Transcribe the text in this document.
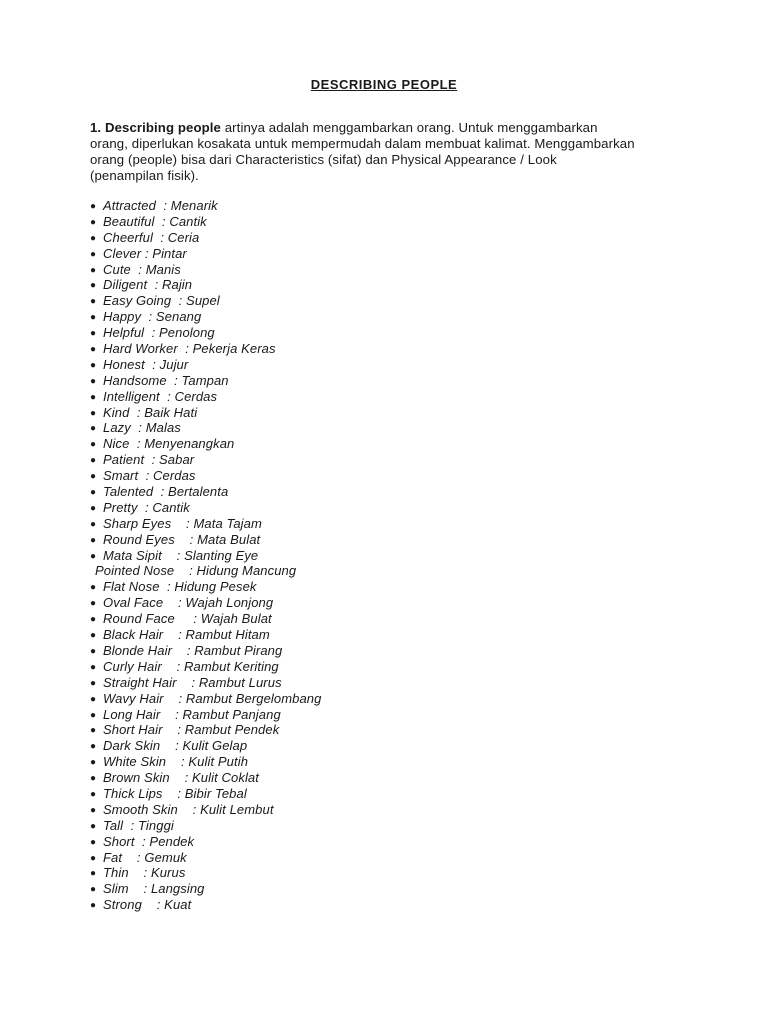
DESCRIBING PEOPLE

1. Describing people artinya adalah menggambarkan orang. Untuk menggambarkan
orang, diperlukan kosakata untuk mempermudah dalam membuat kalimat. Menggambarkan
orang (people) bisa dari Characteristics (sifat) dan Physical Appearance / Look
(penampilan fisik).

● Attracted  : Menarik
● Beautiful  : Cantik
● Cheerful  : Ceria
● Clever : Pintar
● Cute  : Manis
● Diligent  : Rajin
● Easy Going  : Supel
● Happy  : Senang
● Helpful  : Penolong
● Hard Worker  : Pekerja Keras
● Honest  : Jujur
● Handsome  : Tampan
● Intelligent  : Cerdas
● Kind  : Baik Hati
● Lazy  : Malas
● Nice  : Menyenangkan
● Patient  : Sabar
● Smart  : Cerdas
● Talented  : Bertalenta
● Pretty  : Cantik
● Sharp Eyes    : Mata Tajam
● Round Eyes    : Mata Bulat
● Mata Sipit    : Slanting Eye
Pointed Nose    : Hidung Mancung
● Flat Nose  : Hidung Pesek
● Oval Face    : Wajah Lonjong
● Round Face     : Wajah Bulat
● Black Hair    : Rambut Hitam
● Blonde Hair    : Rambut Pirang
● Curly Hair    : Rambut Keriting
● Straight Hair    : Rambut Lurus
● Wavy Hair    : Rambut Bergelombang
● Long Hair    : Rambut Panjang
● Short Hair    : Rambut Pendek
● Dark Skin    : Kulit Gelap
● White Skin    : Kulit Putih
● Brown Skin    : Kulit Coklat
● Thick Lips    : Bibir Tebal
● Smooth Skin    : Kulit Lembut
● Tall  : Tinggi
● Short  : Pendek
● Fat    : Gemuk
● Thin    : Kurus
● Slim    : Langsing
● Strong    : Kuat
